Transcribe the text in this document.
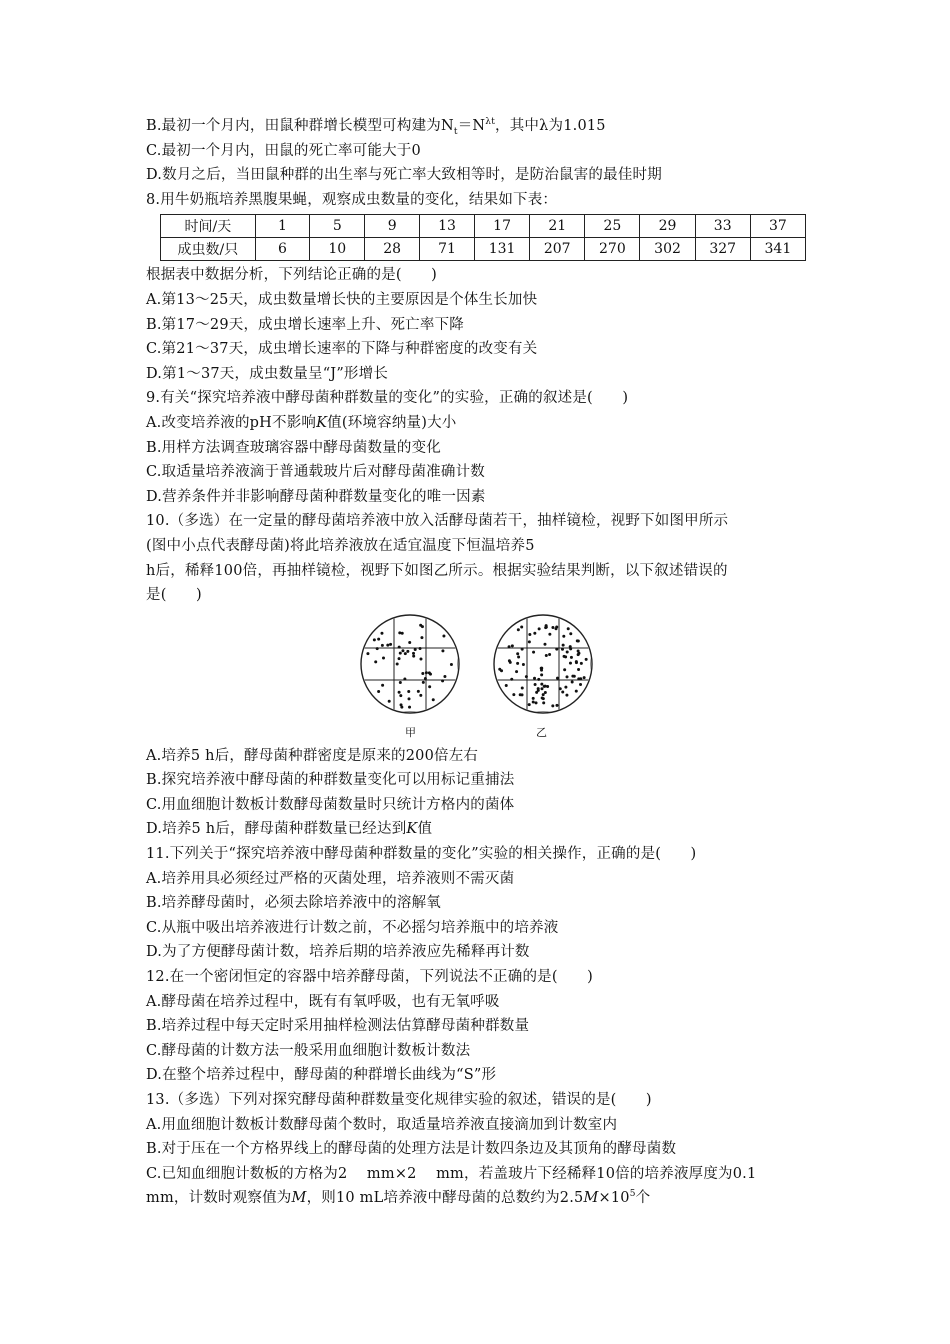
B.最初一个月内，田鼠种群增长模型可构建为$N_t=N^{\lambda t}$，其中λ为1.015
C.最初一个月内，田鼠的死亡率可能大于0
D.数月之后，当田鼠种群的出生率与死亡率大致相等时，是防治鼠害的最佳时期
8.用牛奶瓶培养黑腹果蝇，观察成虫数量的变化，结果如下表：
时间/天	1	5	9	13	17	21	25	29	33	37
成虫数/只	6	10	28	71	131	207	270	302	327	341
根据表中数据分析，下列结论正确的是(　　)
A.第13～25天，成虫数量增长快的主要原因是个体生长加快
B.第17～29天，成虫增长速率上升、死亡率下降
C.第21～37天，成虫增长速率的下降与种群密度的改变有关
D.第1～37天，成虫数量呈“J”形增长
9.有关“探究培养液中酵母菌种群数量的变化”的实验，正确的叙述是(　　)
A.改变培养液的pH不影响K值(环境容纳量)大小
B.用样方法调查玻璃容器中酵母菌数量的变化
C.取适量培养液滴于普通载玻片后对酵母菌准确计数
D.营养条件并非影响酵母菌种群数量变化的唯一因素
10.（多选）在一定量的酵母菌培养液中放入活酵母菌若干，抽样镜检，视野下如图甲所示
(图中小点代表酵母菌)将此培养液放在适宜温度下恒温培养5
h后，稀释100倍，再抽样镜检，视野下如图乙所示。根据实验结果判断，以下叙述错误的
是(　　)
甲	乙
A.培养5 h后，酵母菌种群密度是原来的200倍左右
B.探究培养液中酵母菌的种群数量变化可以用标记重捕法
C.用血细胞计数板计数酵母菌数量时只统计方格内的菌体
D.培养5 h后，酵母菌种群数量已经达到K值
11.下列关于“探究培养液中酵母菌种群数量的变化”实验的相关操作，正确的是(　　)
A.培养用具必须经过严格的灭菌处理，培养液则不需灭菌
B.培养酵母菌时，必须去除培养液中的溶解氧
C.从瓶中吸出培养液进行计数之前，不必摇匀培养瓶中的培养液
D.为了方便酵母菌计数，培养后期的培养液应先稀释再计数
12.在一个密闭恒定的容器中培养酵母菌，下列说法不正确的是(　　)
A.酵母菌在培养过程中，既有有氧呼吸，也有无氧呼吸
B.培养过程中每天定时采用抽样检测法估算酵母菌种群数量
C.酵母菌的计数方法一般采用血细胞计数板计数法
D.在整个培养过程中，酵母菌的种群增长曲线为“S”形
13.（多选）下列对探究酵母菌种群数量变化规律实验的叙述，错误的是(　　)
A.用血细胞计数板计数酵母菌个数时，取适量培养液直接滴加到计数室内
B.对于压在一个方格界线上的酵母菌的处理方法是计数四条边及其顶角的酵母菌数
C.已知血细胞计数板的方格为2　 mm×2　 mm，若盖玻片下经稀释10倍的培养液厚度为0.1
mm，计数时观察值为M，则10 mL培养液中酵母菌的总数约为$2.5M\times 10^5$个
